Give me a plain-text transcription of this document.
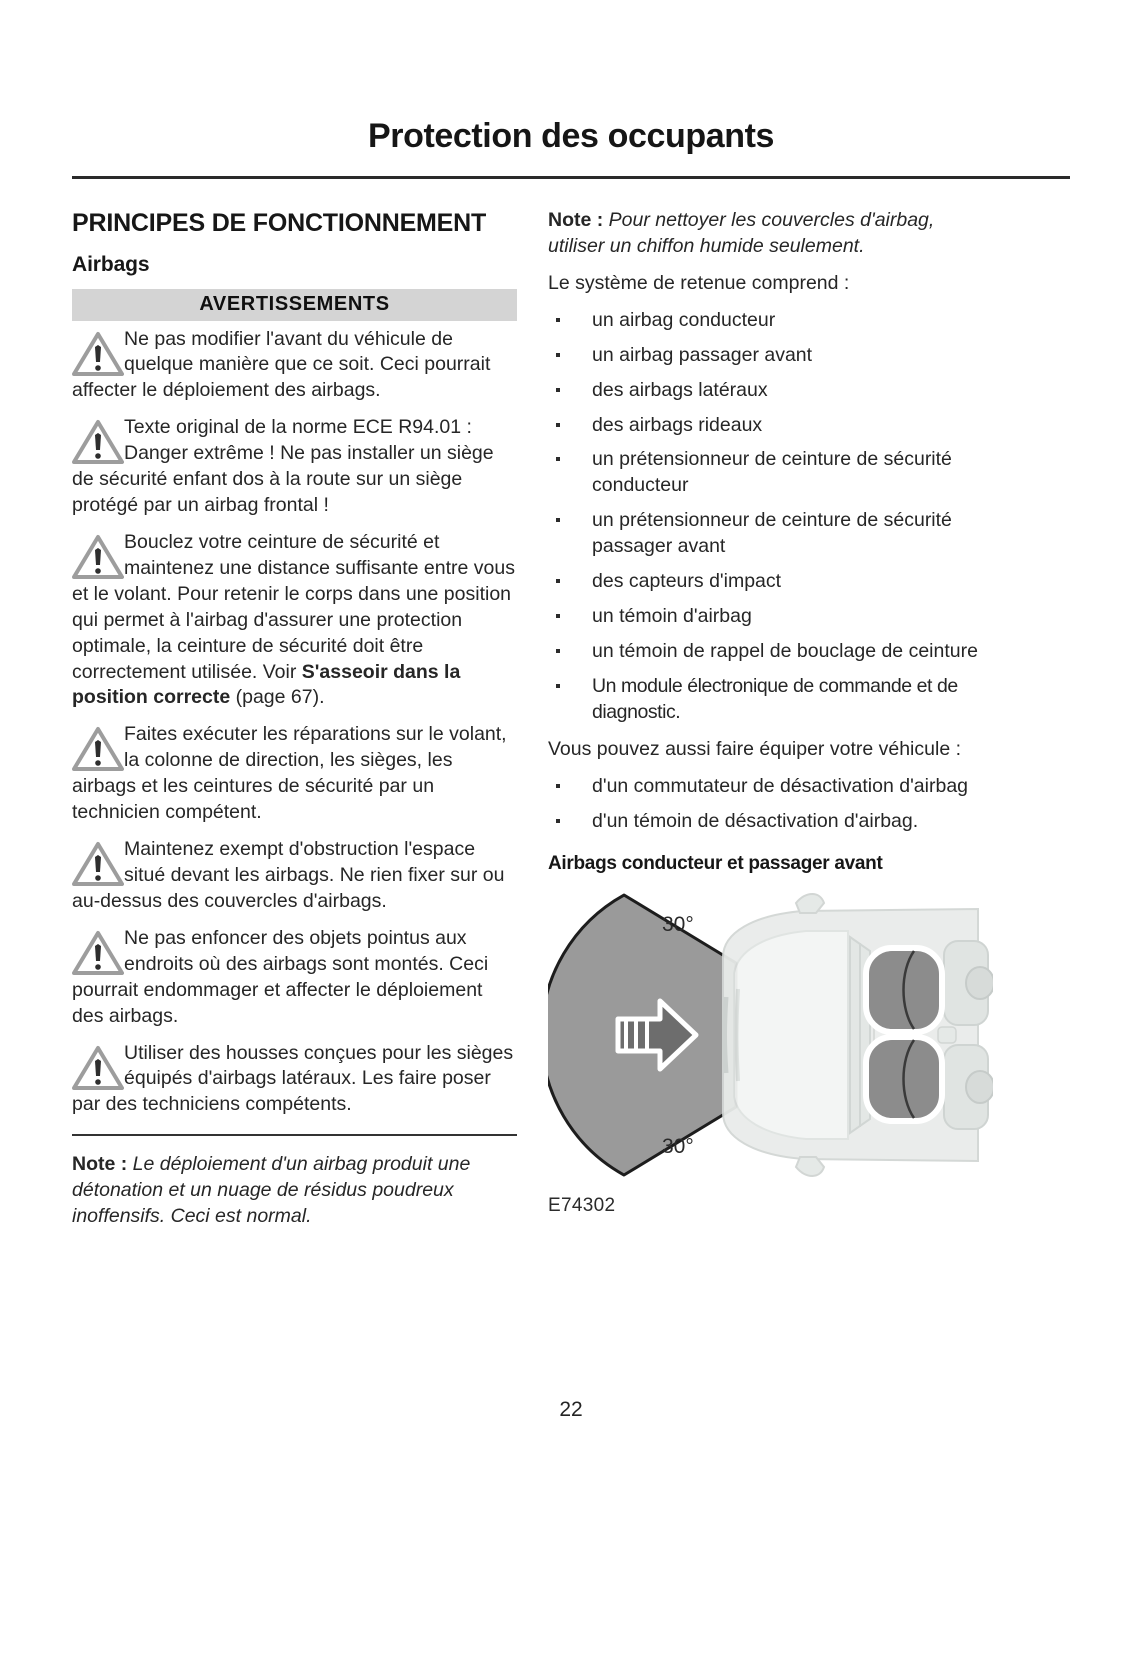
Protection des occupants
PRINCIPES DE FONCTIONNEMENT
Airbags
AVERTISSEMENTS
Ne pas modifier l'avant du véhicule de quelque manière que ce soit. Ceci pourrait affecter le déploiement des airbags.
Texte original de la norme ECE R94.01 : Danger extrême ! Ne pas installer un siège de sécurité enfant dos à la route sur un siège protégé par un airbag frontal !
Bouclez votre ceinture de sécurité et maintenez une distance suffisante entre vous et le volant. Pour retenir le corps dans une position qui permet à l'airbag d'assurer une protection optimale, la ceinture de sécurité doit être correctement utilisée. Voir S'asseoir dans la position correcte (page 67).
Faites exécuter les réparations sur le volant, la colonne de direction, les sièges, les airbags et les ceintures de sécurité par un technicien compétent.
Maintenez exempt d'obstruction l'espace situé devant les airbags. Ne rien fixer sur ou au-dessus des couvercles d'airbags.
Ne pas enfoncer des objets pointus aux endroits où des airbags sont montés. Ceci pourrait endommager et affecter le déploiement des airbags.
Utiliser des housses conçues pour les sièges équipés d'airbags latéraux. Les faire poser par des techniciens compétents.

Note : Le déploiement d'un airbag produit une détonation et un nuage de résidus poudreux inoffensifs. Ceci est normal.

Note : Pour nettoyer les couvercles d'airbag, utiliser un chiffon humide seulement.

Le système de retenue comprend :

un airbag conducteur
un airbag passager avant
des airbags latéraux
des airbags rideaux
un prétensionneur de ceinture de sécurité conducteur
un prétensionneur de ceinture de sécurité passager avant
des capteurs d'impact
un témoin d'airbag
un témoin de rappel de bouclage de ceinture
Un module électronique de commande et de diagnostic.

Vous pouvez aussi faire équiper votre véhicule :

d'un commutateur de désactivation d'airbag
d'un témoin de désactivation d'airbag.
Airbags conducteur et passager avant
30°
30°
E74302
22
